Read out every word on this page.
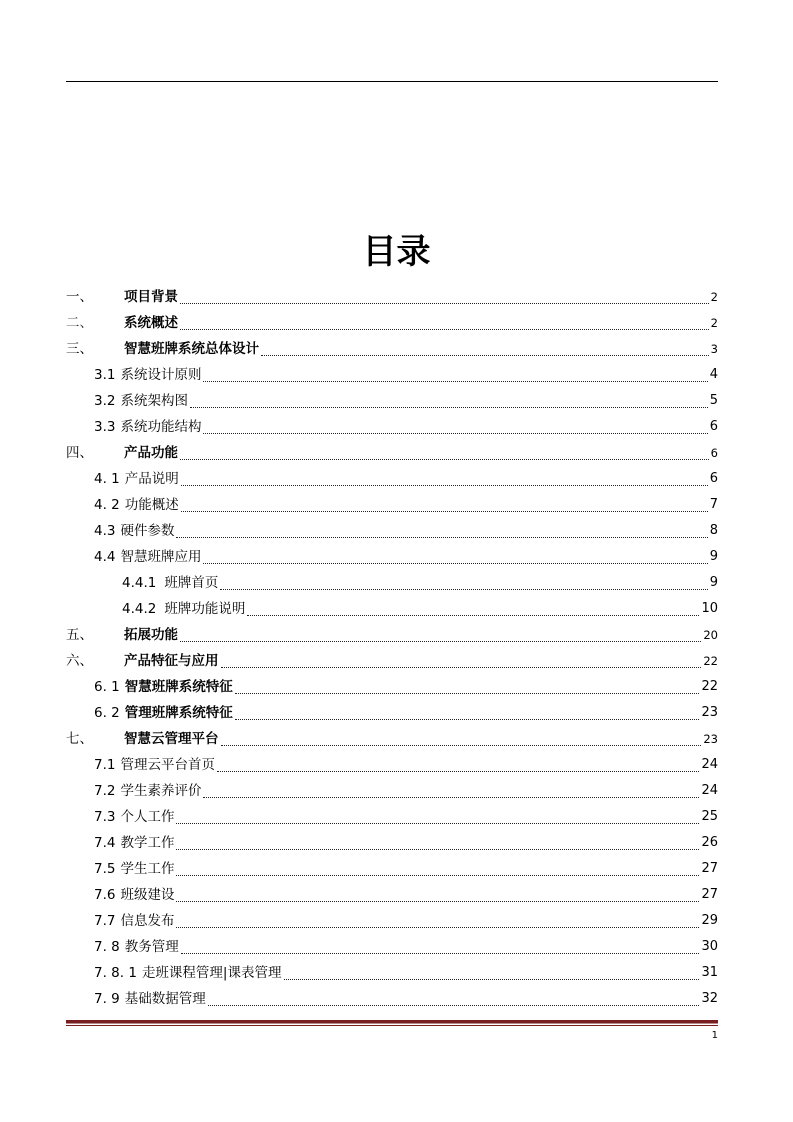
目录
一、	项目背景	2
二、	系统概述	2
三、	智慧班牌系统总体设计	3
3.1 系统设计原则	4
3.2 系统架构图	5
3.3 系统功能结构	6
四、	产品功能	6
4. 1 产品说明	6
4. 2 功能概述	7
4.3 硬件参数	8
4.4 智慧班牌应用	9
4.4.1 班牌首页	9
4.4.2 班牌功能说明	10
五、	拓展功能	20
六、	产品特征与应用	22
6. 1 智慧班牌系统特征	22
6. 2 管理班牌系统特征	23
七、	智慧云管理平台	23
7.1 管理云平台首页	24
7.2 学生素养评价	24
7.3 个人工作	25
7.4 教学工作	26
7.5 学生工作	27
7.6 班级建设	27
7.7 信息发布	29
7. 8 教务管理	30
7. 8. 1 走班课程管理|课表管理	31
7. 9 基础数据管理	32
1
